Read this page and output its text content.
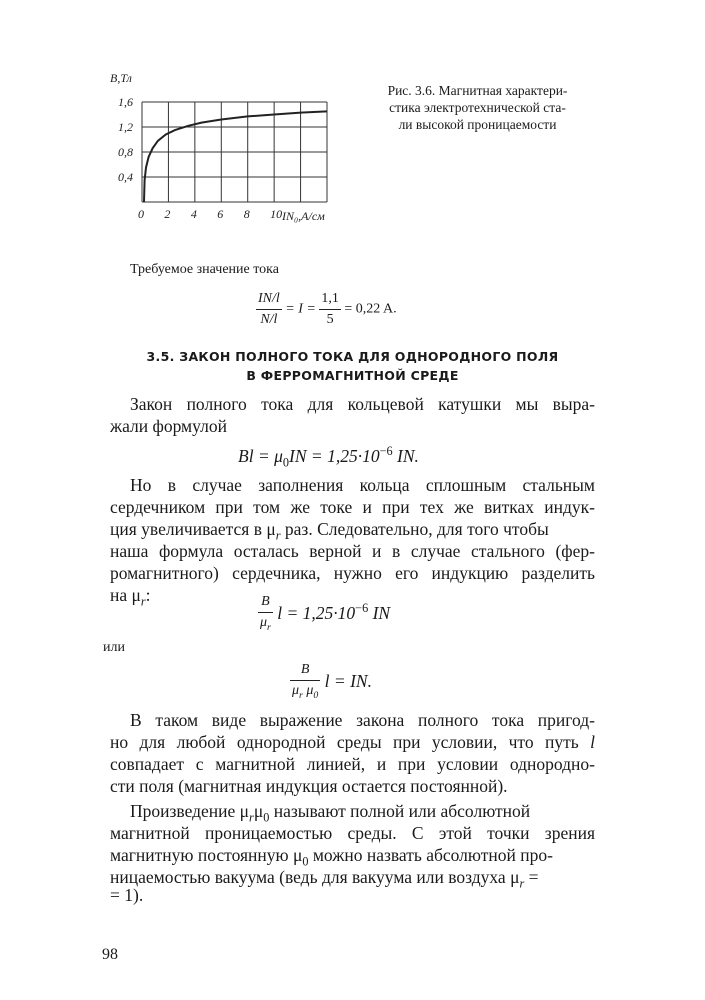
0 2 4 6 8 10
0,4
0,8
1,2
1,6
B,Тл
IN₀,A/см
Рис. 3.6. Магнитная характери-
стика электротехнической ста-
ли высокой проницаемости
Требуемое значение тока
$\frac{IN/l}{N/l} = I = \frac{1,1}{5} = 0,22$ A.
3.5. ЗАКОН ПОЛНОГО ТОКА ДЛЯ ОДНОРОДНОГО ПОЛЯ
В ФЕРРОМАГНИТНОЙ СРЕДЕ
Закон полного тока для кольцевой катушки мы выра-
жали формулой
$Bl = \mu_0IN = 1,25\cdot 10^{-6}$ IN.
Но в случае заполнения кольца сплошным стальным
сердечником при том же токе и при тех же витках индук-
ция увеличивается в $\mu_r$ раз. Следовательно, для того чтобы
наша формула осталась верной и в случае стального (фер-
ромагнитного) сердечника, нужно его индукцию разделить
на $\mu_r$:	$\frac{B}{\mu_r}$ $l = 1,25\cdot 10^{-6}$ IN
или
$\frac{B}{\mu_r \mu_0}$ l = IN.
В таком виде выражение закона полного тока пригод-
но для любой однородной среды при условии, что путь l
совпадает с магнитной линией, и при условии однородно-
сти поля (магнитная индукция остается постоянной).
Произведение $\mu_r\mu_0$ называют полной или абсолютной
магнитной проницаемостью среды. С этой точки зрения
магнитную постоянную $\mu_0$ можно назвать абсолютной про-
ницаемостью вакуума (ведь для вакуума или воздуха $\mu_r$ =
= 1).
98
